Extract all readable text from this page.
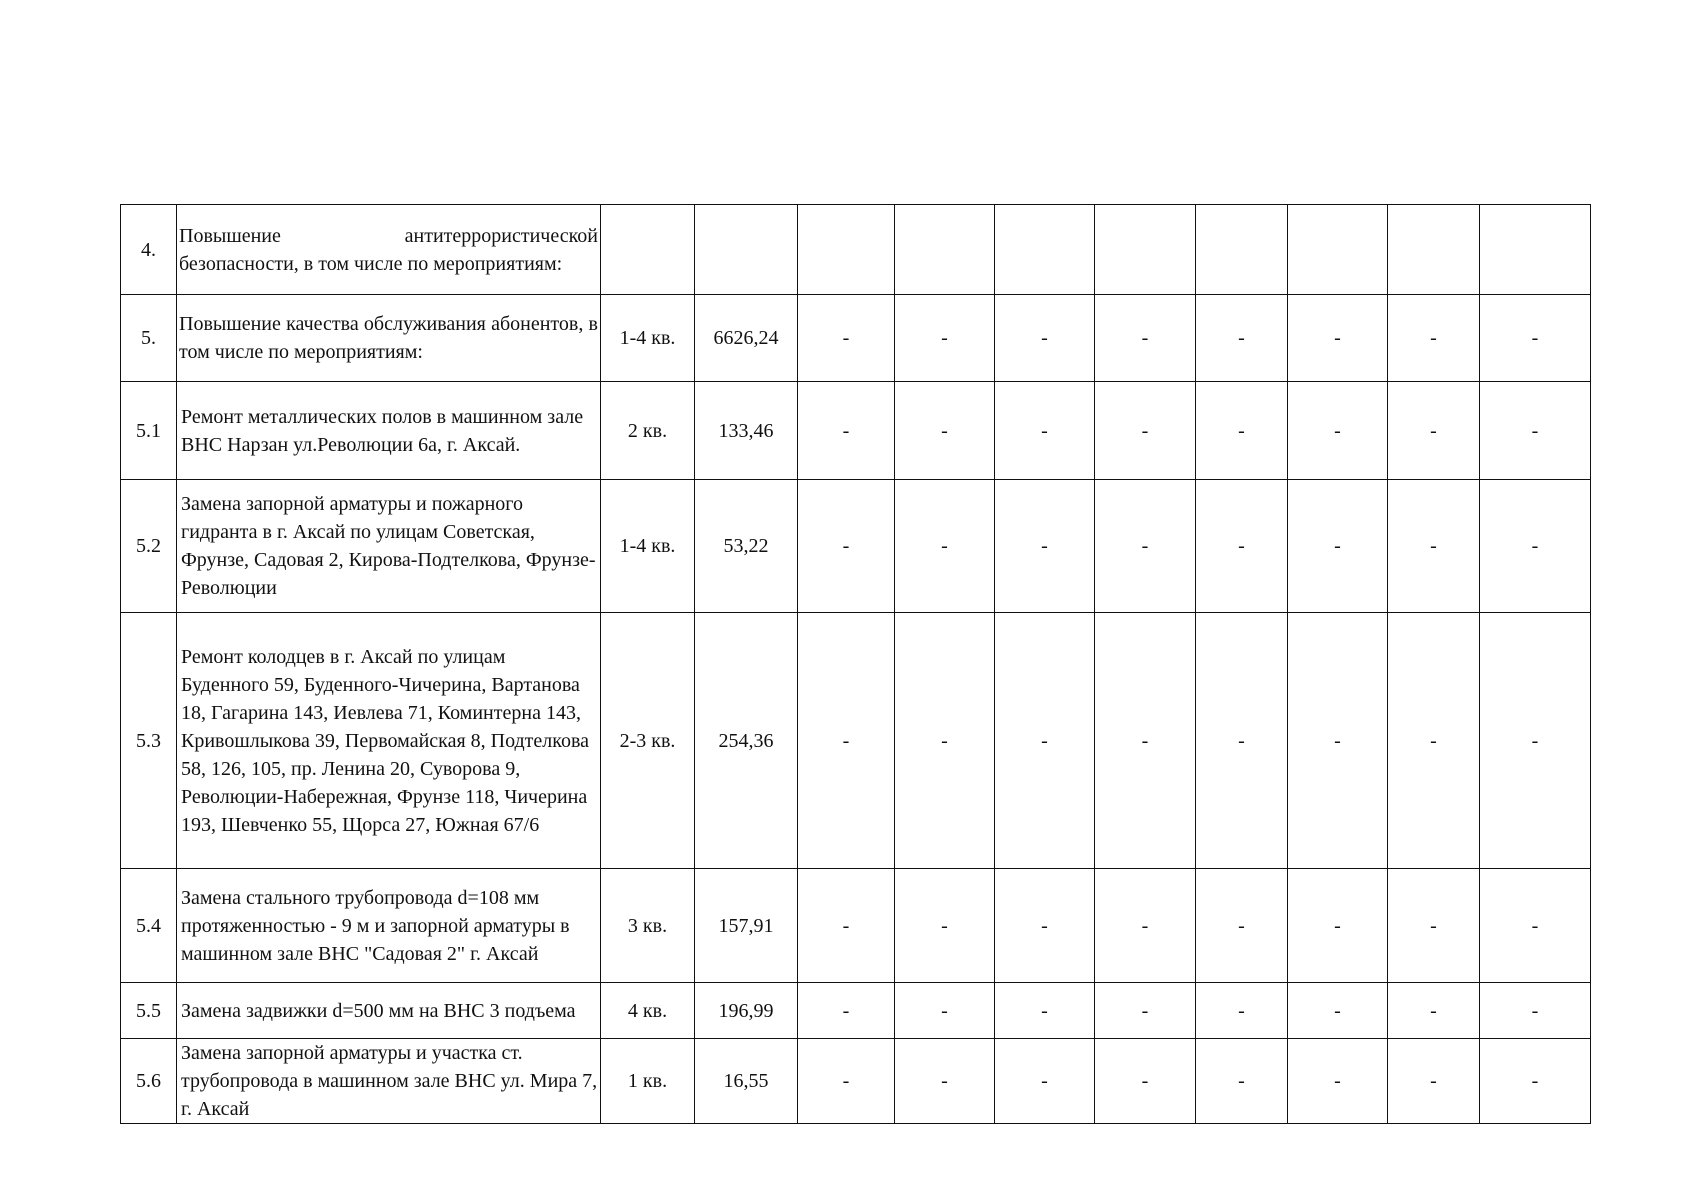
4.	Повышение антитеррористической безопасности, в том числе по мероприятиям:										
5.	Повышение качества обслуживания абонентов, в том числе по мероприятиям:	1-4 кв.	6626,24	-	-	-	-	-	-	-	-
5.1	Ремонт металлических полов в машинном зале ВНС Нарзан ул.Революции 6а, г. Аксай.	2 кв.	133,46	-	-	-	-	-	-	-	-
5.2	Замена запорной арматуры и пожарного гидранта в г. Аксай по улицам Советская, Фрунзе, Садовая 2, Кирова-Подтелкова, Фрунзе-Революции	1-4 кв.	53,22	-	-	-	-	-	-	-	-
5.3	Ремонт колодцев в г. Аксай по улицам Буденного 59, Буденного-Чичерина, Вартанова 18, Гагарина 143, Иевлева 71, Коминтерна 143, Кривошлыкова 39, Первомайская 8, Подтелкова 58, 126, 105, пр. Ленина 20, Суворова 9, Революции-Набережная, Фрунзе 118, Чичерина 193, Шевченко 55, Щорса 27, Южная 67/6	2-3 кв.	254,36	-	-	-	-	-	-	-	-
5.4	Замена стального трубопровода d=108 мм протяженностью - 9 м и запорной арматуры в машинном зале ВНС "Садовая 2" г. Аксай	3 кв.	157,91	-	-	-	-	-	-	-	-
5.5	Замена задвижки d=500 мм на ВНС 3 подъема	4 кв.	196,99	-	-	-	-	-	-	-	-
5.6	Замена запорной арматуры и участка ст. трубопровода в машинном зале ВНС ул. Мира 7, г. Аксай	1 кв.	16,55	-	-	-	-	-	-	-	-
